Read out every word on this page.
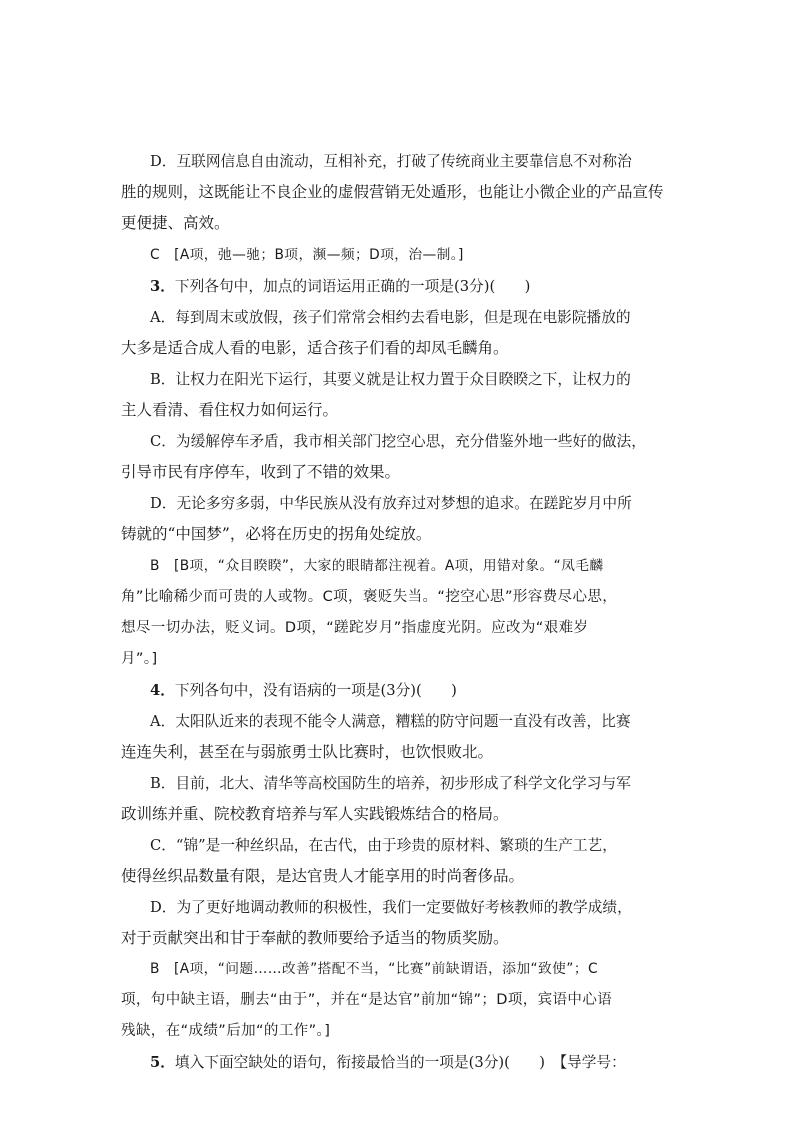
D．互联网信息自由流动，互相补充，打破了传统商业主要靠信息不对称治
胜的规则，这既能让不良企业的虚假营销无处遁形，也能让小微企业的产品宣传
更便捷、高效。
C　[A项，弛—驰；B项，濒—频；D项，治—制。]
3．下列各句中，加点的词语运用正确的一项是(3分)(　　)
A．每到周末或放假，孩子们常常会相约去看电影，但是现在电影院播放的
大多是适合成人看的电影，适合孩子们看的却凤毛麟角。
B．让权力在阳光下运行，其要义就是让权力置于众目睽睽之下，让权力的
主人看清、看住权力如何运行。
C．为缓解停车矛盾，我市相关部门挖空心思，充分借鉴外地一些好的做法，
引导市民有序停车，收到了不错的效果。
D．无论多穷多弱，中华民族从没有放弃过对梦想的追求。在蹉跎岁月中所
铸就的“中国梦”，必将在历史的拐角处绽放。
B　[B项，“众目睽睽”，大家的眼睛都注视着。A项，用错对象。“凤毛麟
角”比喻稀少而可贵的人或物。C项，褒贬失当。“挖空心思”形容费尽心思，
想尽一切办法，贬义词。D项，“蹉跎岁月”指虚度光阴。应改为“艰难岁
月”。]
4．下列各句中，没有语病的一项是(3分)(　　)
A．太阳队近来的表现不能令人满意，糟糕的防守问题一直没有改善，比赛
连连失利，甚至在与弱旅勇士队比赛时，也饮恨败北。
B．目前，北大、清华等高校国防生的培养，初步形成了科学文化学习与军
政训练并重、院校教育培养与军人实践锻炼结合的格局。
C．“锦”是一种丝织品，在古代，由于珍贵的原材料、繁琐的生产工艺，
使得丝织品数量有限，是达官贵人才能享用的时尚奢侈品。
D．为了更好地调动教师的积极性，我们一定要做好考核教师的教学成绩，
对于贡献突出和甘于奉献的教师要给予适当的物质奖励。
B　[A项，“问题……改善”搭配不当，“比赛”前缺谓语，添加“致使”；C
项，句中缺主语，删去“由于”，并在“是达官”前加“锦”；D项，宾语中心语
残缺，在“成绩”后加“的工作”。]
5．填入下面空缺处的语句，衔接最恰当的一项是(3分)(　　)　【导学号：
